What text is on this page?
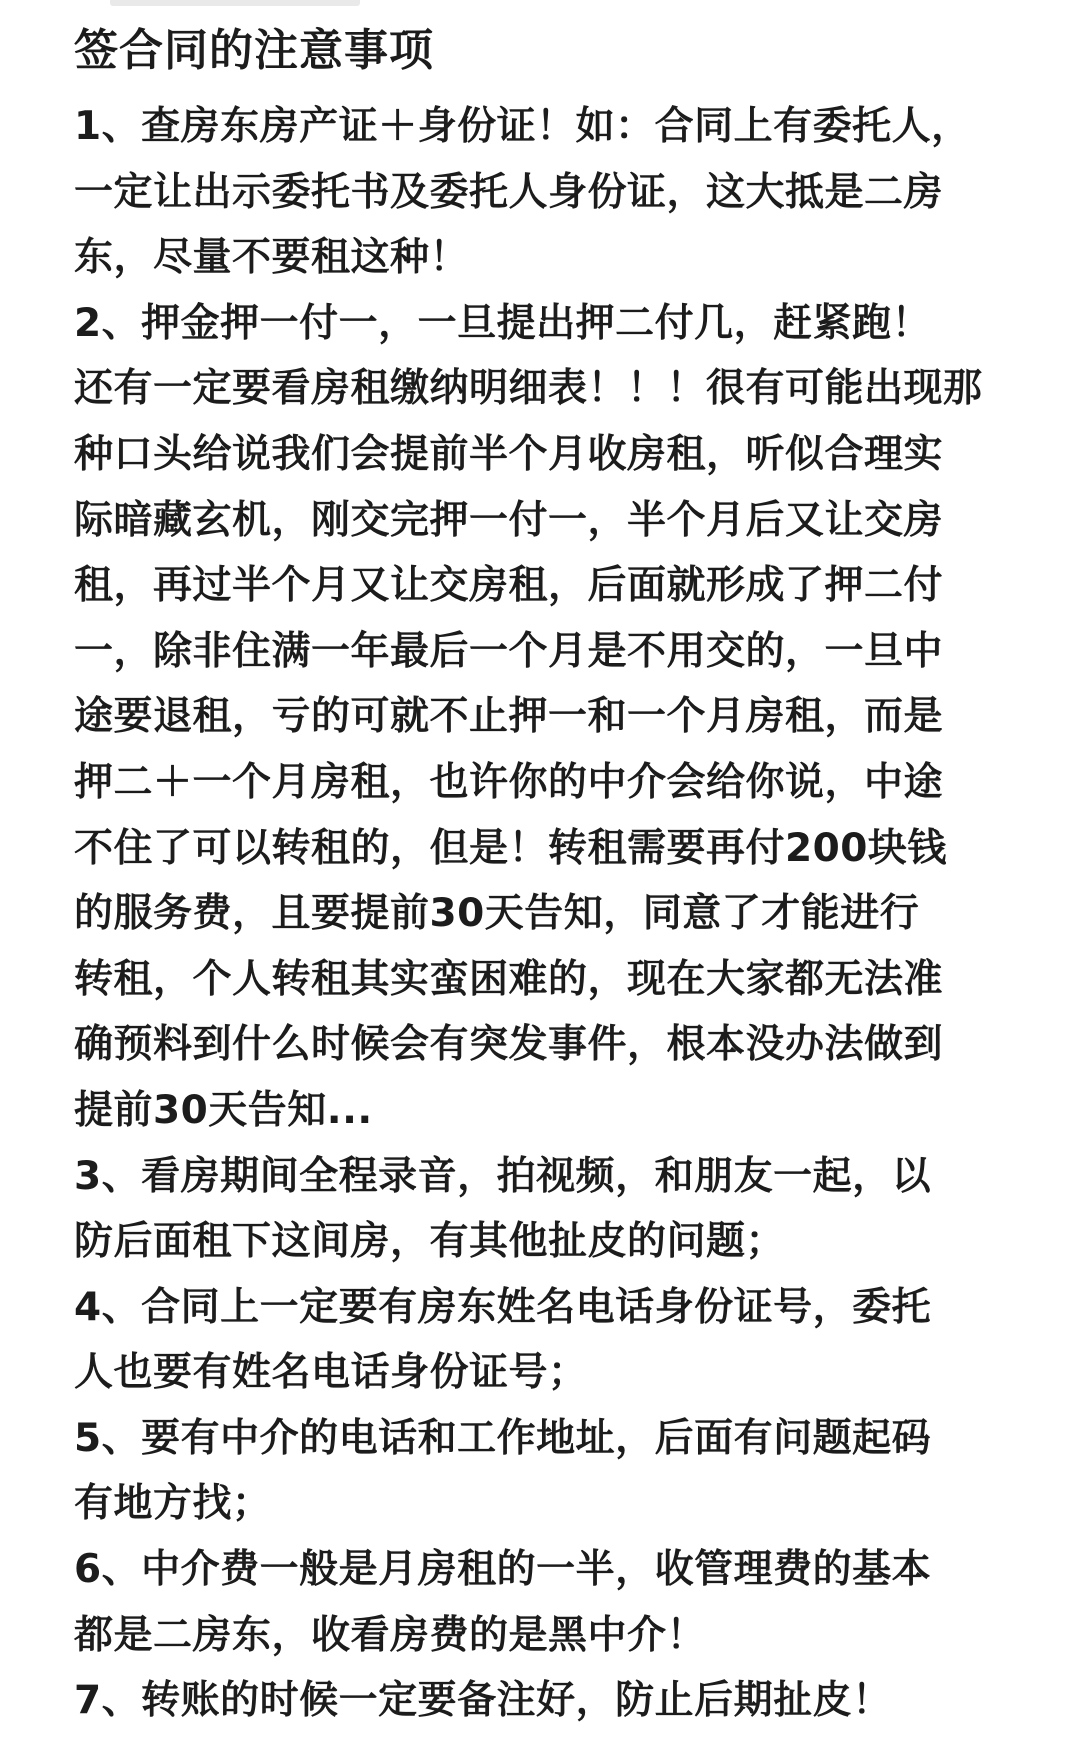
签合同的注意事项
1、查房东房产证＋身份证！如：合同上有委托人，
一定让出示委托书及委托人身份证，这大抵是二房
东，尽量不要租这种！
2、押金押一付一，一旦提出押二付几，赶紧跑！
还有一定要看房租缴纳明细表！！！很有可能出现那
种口头给说我们会提前半个月收房租，听似合理实
际暗藏玄机，刚交完押一付一，半个月后又让交房
租，再过半个月又让交房租，后面就形成了押二付
一，除非住满一年最后一个月是不用交的，一旦中
途要退租，亏的可就不止押一和一个月房租，而是
押二＋一个月房租，也许你的中介会给你说，中途
不住了可以转租的，但是！转租需要再付200块钱
的服务费，且要提前30天告知，同意了才能进行
转租，个人转租其实蛮困难的，现在大家都无法准
确预料到什么时候会有突发事件，根本没办法做到
提前30天告知...
3、看房期间全程录音，拍视频，和朋友一起，以
防后面租下这间房，有其他扯皮的问题；
4、合同上一定要有房东姓名电话身份证号，委托
人也要有姓名电话身份证号；
5、要有中介的电话和工作地址，后面有问题起码
有地方找；
6、中介费一般是月房租的一半，收管理费的基本
都是二房东，收看房费的是黑中介！
7、转账的时候一定要备注好，防止后期扯皮！
